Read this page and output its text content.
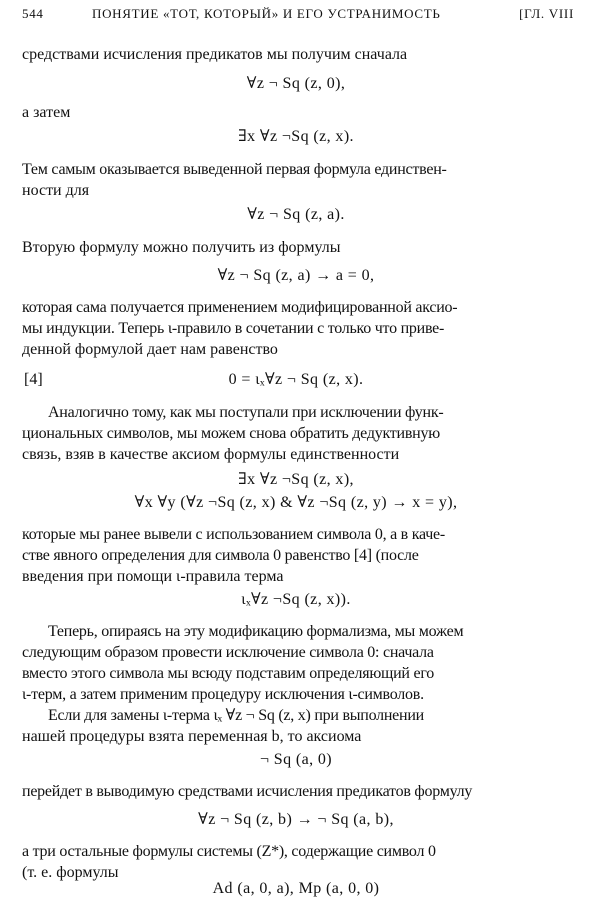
544	ПОНЯТИЕ «ТОТ, КОТОРЫЙ» И ЕГО УСТРАНИМОСТЬ	[ГЛ. VIII
средствами исчисления предикатов мы получим сначала
∀z ¬ Sq (z, 0),
а затем
∃x ∀z ¬Sq (z, x).
Тем самым оказывается выведенной первая формула единствен-
ности для
∀z ¬ Sq (z, a).
Вторую формулу можно получить из формулы
∀z ¬ Sq (z, a) → a = 0,
которая сама получается применением модифицированной аксио-
мы индукции. Теперь ι-правило в сочетании с только что приве-
денной формулой дает нам равенство
[4]	0 = ιₓ∀z ¬ Sq (z, x).
Аналогично тому, как мы поступали при исключении функ-
циональных символов, мы можем снова обратить дедуктивную
связь, взяв в качестве аксиом формулы единственности
∃x ∀z ¬Sq (z, x),
∀x ∀y (∀z ¬Sq (z, x) & ∀z ¬Sq (z, y) → x = y),
которые мы ранее вывели с использованием символа 0, а в каче-
стве явного определения для символа 0 равенство [4] (после
введения при помощи ι-правила терма
ιₓ∀z ¬Sq (z, x)).
Теперь, опираясь на эту модификацию формализма, мы можем
следующим образом провести исключение символа 0: сначала
вместо этого символа мы всюду подставим определяющий его
ι-терм, а затем применим процедуру исключения ι-символов.
Если для замены ι-терма ιₓ ∀z ¬ Sq (z, x) при выполнении
нашей процедуры взята переменная b, то аксиома
¬ Sq (a, 0)
перейдет в выводимую средствами исчисления предикатов формулу
∀z ¬ Sq (z, b) → ¬ Sq (a, b),
а три остальные формулы системы (Z*), содержащие символ 0
(т. е. формулы
Ad (a, 0, a), Mp (a, 0, 0)
